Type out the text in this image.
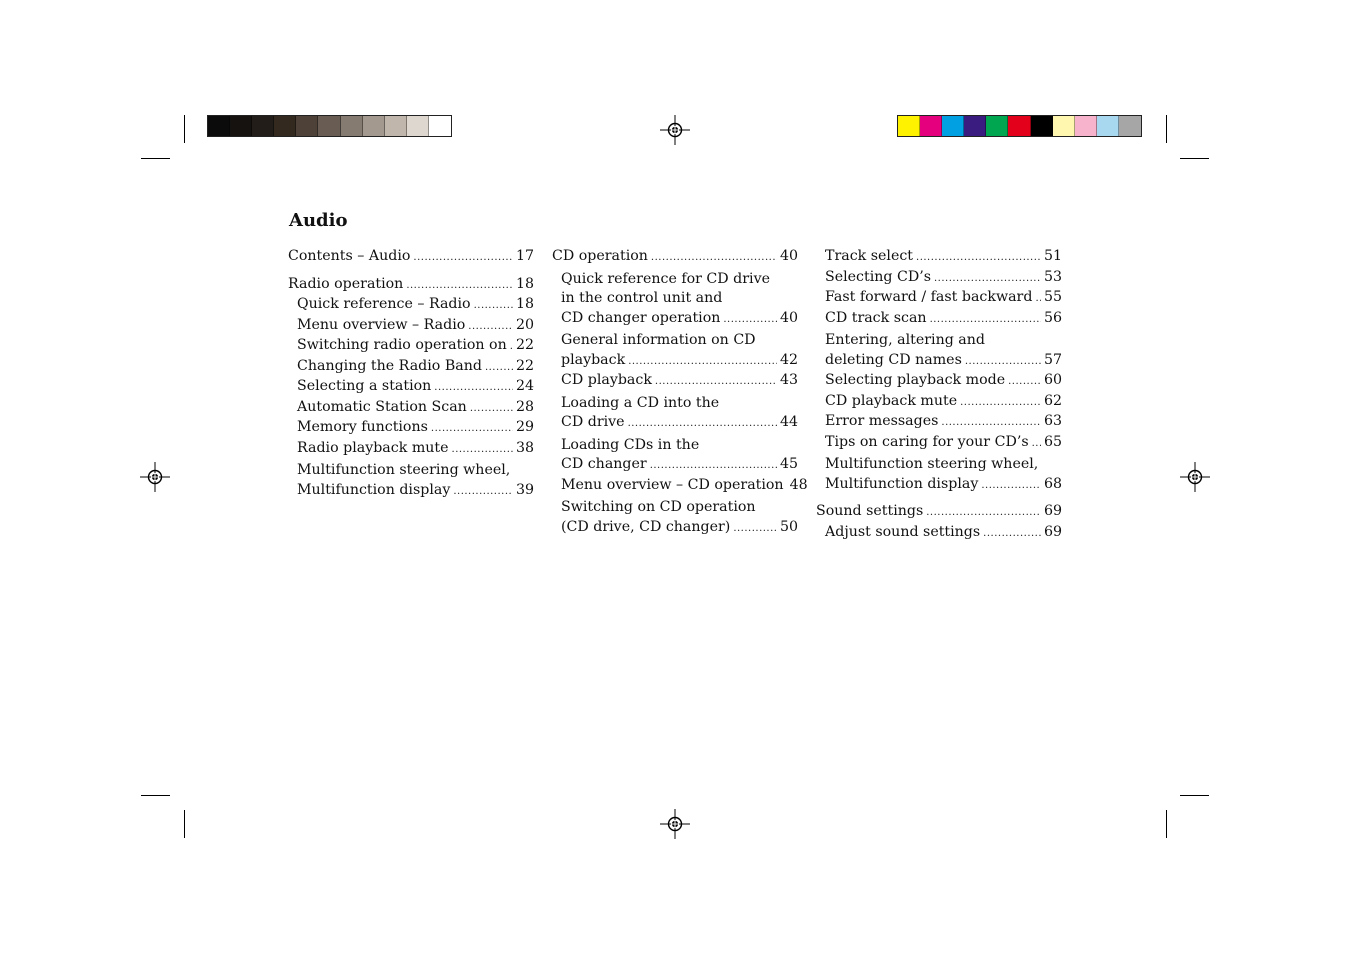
Audio
Contents – Audio .....	17
Radio operation .....	18
Quick reference – Radio .....	18
Menu overview – Radio .....	20
Switching radio operation on ..... 22
Changing the Radio Band ..... 22
Selecting a station .....	24
Automatic Station Scan .....	28
Memory functions .....	29
Radio playback mute .....	38
Multifunction steering wheel,
Multifunction display .....	39
CD operation .....	40
Quick reference for CD drive
in the control unit and
CD changer operation .....	40
General information on CD
playback .....	42
CD playback .....	43
Loading a CD into the
CD drive .....	44
Loading CDs in the
CD changer .....	45
Menu overview – CD operation 48
Switching on CD operation
(CD drive, CD changer) .....	50
Track select .....	51
Selecting CD’s .....	53
Fast forward / fast backward ..... 55
CD track scan .....	56
Entering, altering and
deleting CD names .....	57
Selecting playback mode .....	60
CD playback mute .....	62
Error messages .....	63
Tips on caring for your CD’s ..... 65
Multifunction steering wheel,
Multifunction display .....	68
Sound settings .....	69
Adjust sound settings .....	69
